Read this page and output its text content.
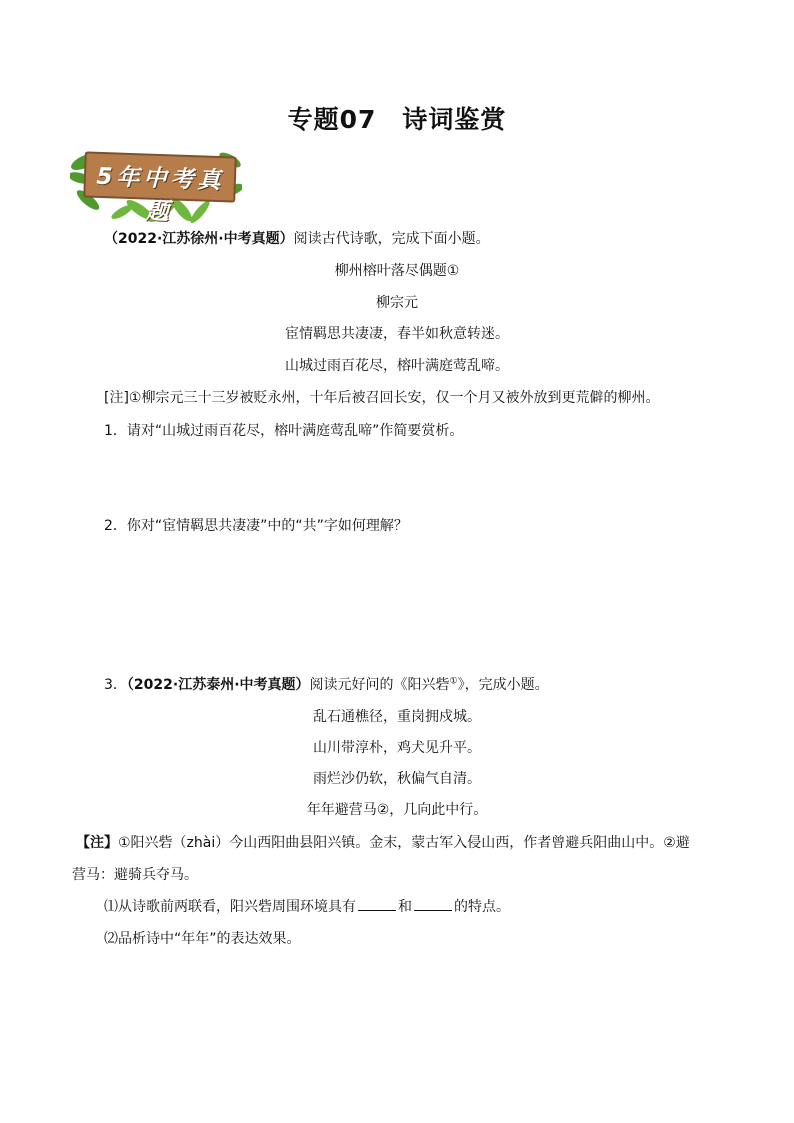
专题07　诗词鉴赏
5年中考真题
（2022·江苏徐州·中考真题）阅读古代诗歌，完成下面小题。
柳州榕叶落尽偶题①
柳宗元
宦情羁思共凄凄，春半如秋意转迷。
山城过雨百花尽，榕叶满庭莺乱啼。
[注]①柳宗元三十三岁被贬永州，十年后被召回长安，仅一个月又被外放到更荒僻的柳州。
1．请对“山城过雨百花尽，榕叶满庭莺乱啼”作简要赏析。
2．你对“宦情羁思共凄凄”中的“共”字如何理解？
3．（2022·江苏泰州·中考真题）阅读元好问的《阳兴砦①》，完成小题。
乱石通樵径，重岗拥戍城。
山川带淳朴，鸡犬见升平。
雨烂沙仍软，秋偏气自清。
年年避营马②，几向此中行。
【注】①阳兴砦（zhài）今山西阳曲县阳兴镇。金末，蒙古军入侵山西，作者曾避兵阳曲山中。②避
营马：避骑兵夺马。
⑴从诗歌前两联看，阳兴砦周围环境具有	和	的特点。
⑵品析诗中“年年”的表达效果。
